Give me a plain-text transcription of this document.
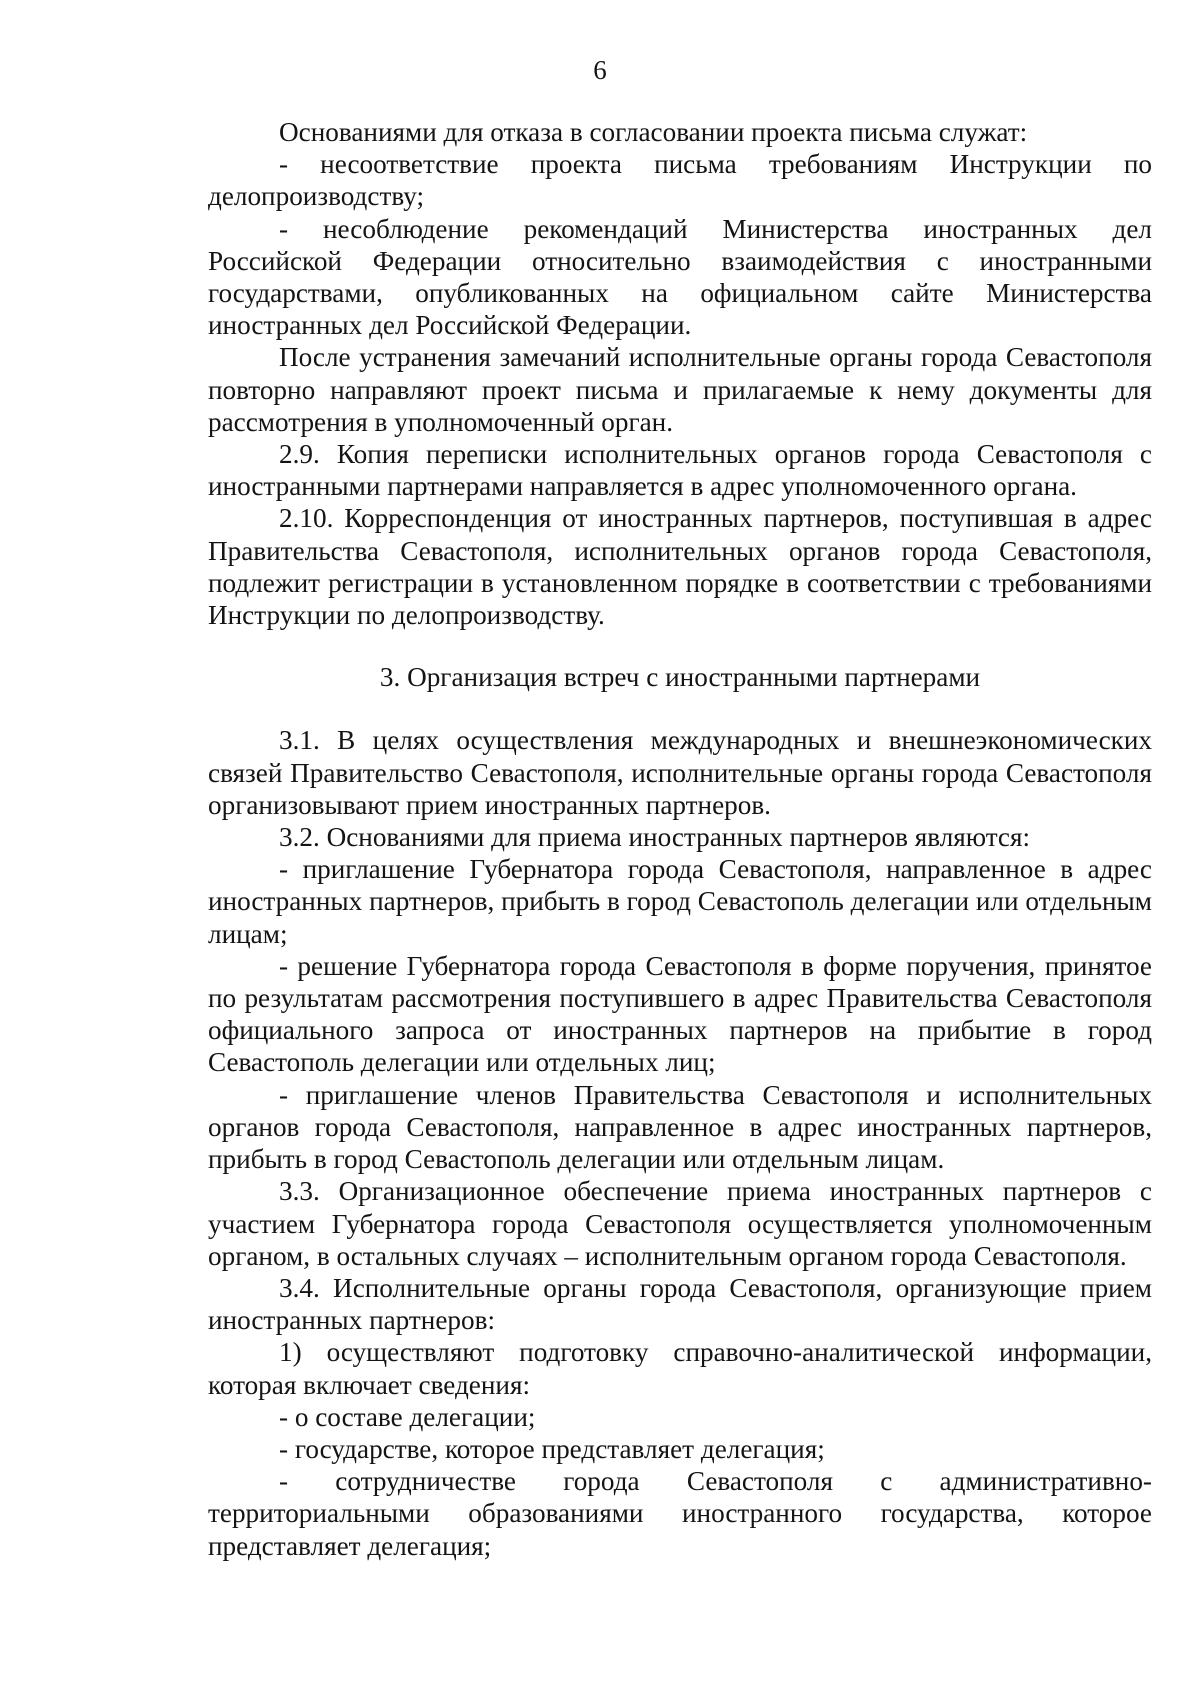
6

Основаниями для отказа в согласовании проекта письма служат:

- несоответствие проекта письма требованиям Инструкции по делопроизводству;

- несоблюдение рекомендаций Министерства иностранных дел Российской Федерации относительно взаимодействия с иностранными государствами, опубликованных на официальном сайте Министерства иностранных дел Российской Федерации.

После устранения замечаний исполнительные органы города Севастополя повторно направляют проект письма и прилагаемые к нему документы для рассмотрения в уполномоченный орган.

2.9. Копия переписки исполнительных органов города Севастополя с иностранными партнерами направляется в адрес уполномоченного органа.

2.10. Корреспонденция от иностранных партнеров, поступившая в адрес Правительства Севастополя, исполнительных органов города Севастополя, подлежит регистрации в установленном порядке в соответствии с требованиями Инструкции по делопроизводству.

3. Организация встреч с иностранными партнерами

3.1. В целях осуществления международных и внешнеэкономических связей Правительство Севастополя, исполнительные органы города Севастополя организовывают прием иностранных партнеров.

3.2. Основаниями для приема иностранных партнеров являются:

- приглашение Губернатора города Севастополя, направленное в адрес иностранных партнеров, прибыть в город Севастополь делегации или отдельным лицам;

- решение Губернатора города Севастополя в форме поручения, принятое по результатам рассмотрения поступившего в адрес Правительства Севастополя официального запроса от иностранных партнеров на прибытие в город Севастополь делегации или отдельных лиц;

- приглашение членов Правительства Севастополя и исполнительных органов города Севастополя, направленное в адрес иностранных партнеров, прибыть в город Севастополь делегации или отдельным лицам.

3.3. Организационное обеспечение приема иностранных партнеров с участием Губернатора города Севастополя осуществляется уполномоченным органом, в остальных случаях – исполнительным органом города Севастополя.

3.4. Исполнительные органы города Севастополя, организующие прием иностранных партнеров:

1) осуществляют подготовку справочно-аналитической информации, которая включает сведения:

- о составе делегации;

- государстве, которое представляет делегация;

- сотрудничестве города Севастополя с административно-территориальными образованиями иностранного государства, которое представляет делегация;
